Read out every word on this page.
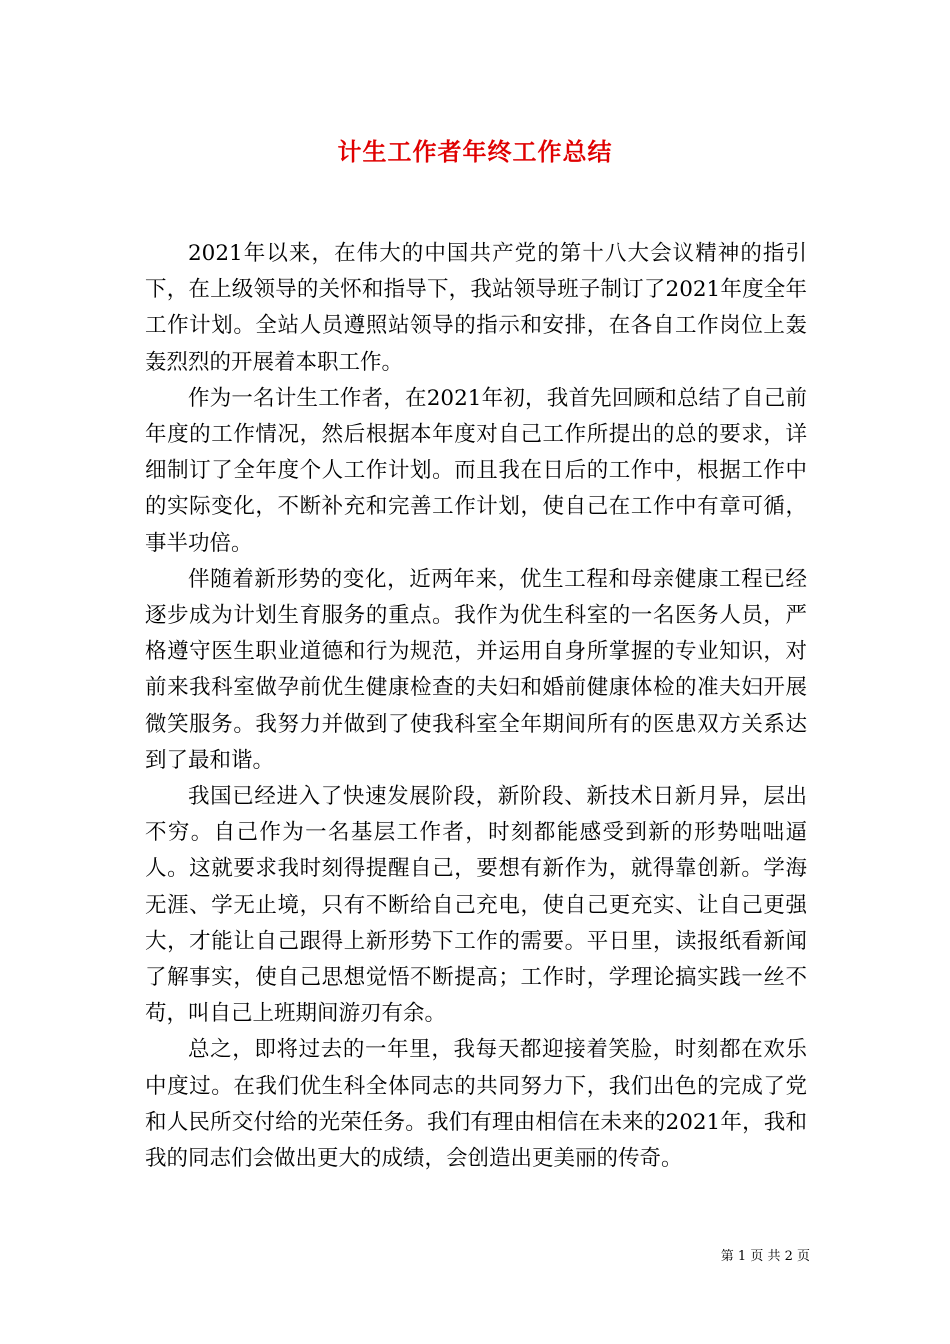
计生工作者年终工作总结

2021年以来，在伟大的中国共产党的第十八大会议精神的指引下，在上级领导的关怀和指导下，我站领导班子制订了2021年度全年工作计划。全站人员遵照站领导的指示和安排，在各自工作岗位上轰轰烈烈的开展着本职工作。

作为一名计生工作者，在2021年初，我首先回顾和总结了自己前年度的工作情况，然后根据本年度对自己工作所提出的总的要求，详细制订了全年度个人工作计划。而且我在日后的工作中，根据工作中的实际变化，不断补充和完善工作计划，使自己在工作中有章可循，事半功倍。

伴随着新形势的变化，近两年来，优生工程和母亲健康工程已经逐步成为计划生育服务的重点。我作为优生科室的一名医务人员，严格遵守医生职业道德和行为规范，并运用自身所掌握的专业知识，对前来我科室做孕前优生健康检查的夫妇和婚前健康体检的准夫妇开展微笑服务。我努力并做到了使我科室全年期间所有的医患双方关系达到了最和谐。

我国已经进入了快速发展阶段，新阶段、新技术日新月异，层出不穷。自己作为一名基层工作者，时刻都能感受到新的形势咄咄逼人。这就要求我时刻得提醒自己，要想有新作为，就得靠创新。学海无涯、学无止境，只有不断给自己充电，使自己更充实、让自己更强大，才能让自己跟得上新形势下工作的需要。平日里，读报纸看新闻了解事实，使自己思想觉悟不断提高；工作时，学理论搞实践一丝不苟，叫自己上班期间游刃有余。

总之，即将过去的一年里，我每天都迎接着笑脸，时刻都在欢乐中度过。在我们优生科全体同志的共同努力下，我们出色的完成了党和人民所交付给的光荣任务。我们有理由相信在未来的2021年，我和我的同志们会做出更大的成绩，会创造出更美丽的传奇。

第 1 页 共 2 页
